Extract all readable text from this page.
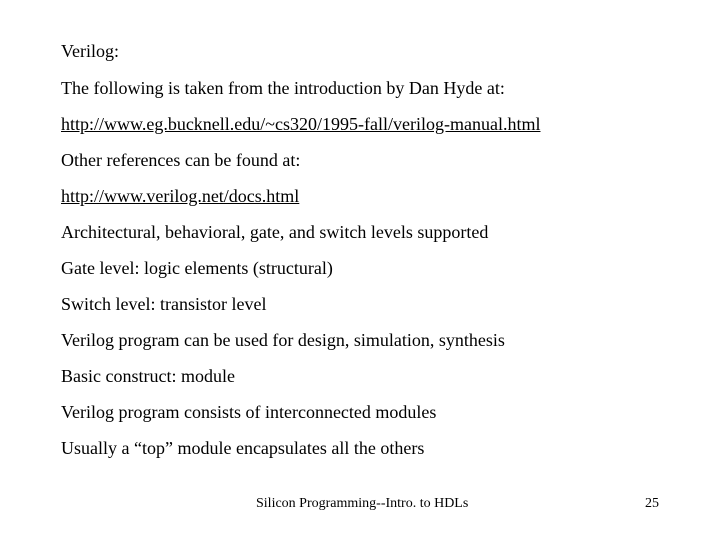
Verilog:
The following is taken from the introduction by Dan Hyde at:
http://www.eg.bucknell.edu/~cs320/1995-fall/verilog-manual.html
Other references can be found at:
http://www.verilog.net/docs.html
Architectural, behavioral, gate, and switch levels supported
Gate level: logic elements (structural)
Switch level: transistor level
Verilog program can be used for design, simulation, synthesis
Basic construct: module
Verilog program consists of interconnected modules
Usually a “top” module encapsulates all the others
Silicon Programming--Intro. to HDLs	25
